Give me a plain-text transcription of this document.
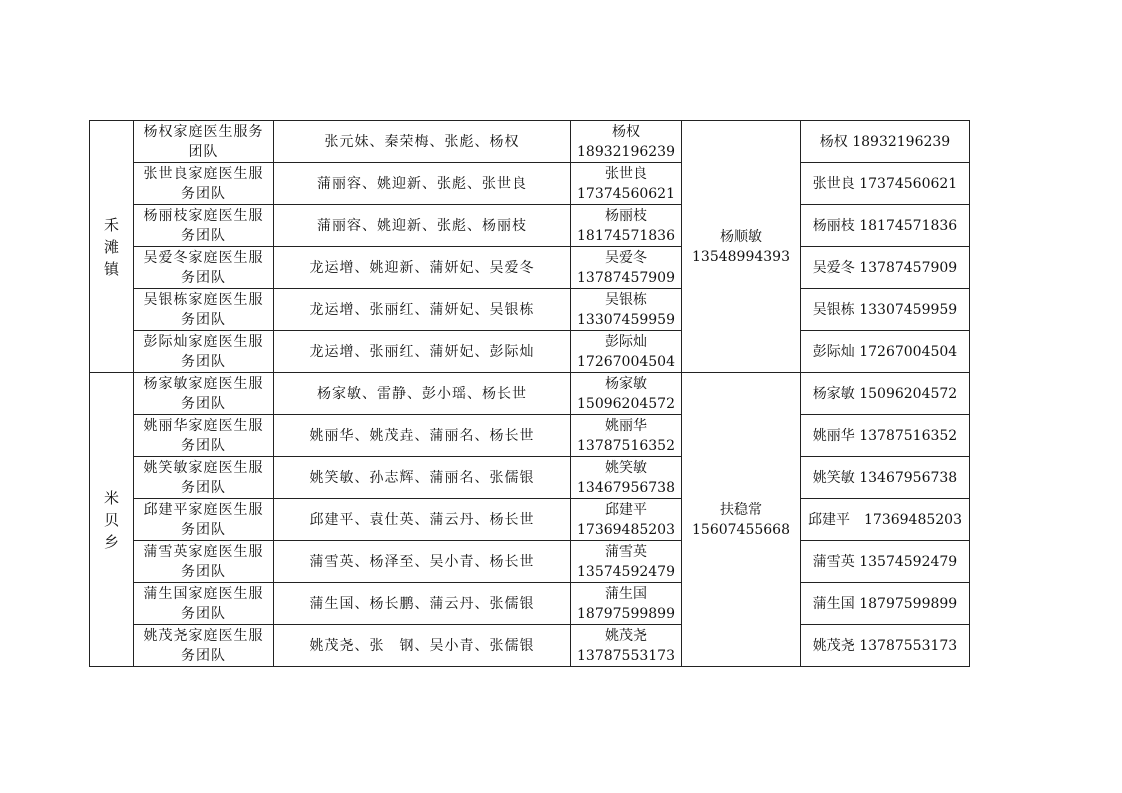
禾滩镇	杨权家庭医生服务团队	张元妹、秦荣梅、张彪、杨权	杨权
18932196239	杨顺敏
13548994393	杨权 18932196239
	张世良家庭医生服务团队	蒲丽容、姚迎新、张彪、张世良	张世良
17374560621		张世良 17374560621
	杨丽枝家庭医生服务团队	蒲丽容、姚迎新、张彪、杨丽枝	杨丽枝
18174571836		杨丽枝 18174571836
	吴爱冬家庭医生服务团队	龙运增、姚迎新、蒲妍妃、吴爱冬	吴爱冬
13787457909		吴爱冬 13787457909
	吴银栋家庭医生服务团队	龙运增、张丽红、蒲妍妃、吴银栋	吴银栋
13307459959		吴银栋 13307459959
	彭际灿家庭医生服务团队	龙运增、张丽红、蒲妍妃、彭际灿	彭际灿
17267004504		彭际灿 17267004504
米贝乡	杨家敏家庭医生服务团队	杨家敏、雷静、彭小瑶、杨长世	杨家敏
15096204572	扶稳常
15607455668	杨家敏 15096204572
	姚丽华家庭医生服务团队	姚丽华、姚茂垚、蒲丽名、杨长世	姚丽华
13787516352		姚丽华 13787516352
	姚笑敏家庭医生服务团队	姚笑敏、孙志辉、蒲丽名、张儒银	姚笑敏
13467956738		姚笑敏 13467956738
	邱建平家庭医生服务团队	邱建平、袁仕英、蒲云丹、杨长世	邱建平
17369485203		邱建平　17369485203
	蒲雪英家庭医生服务团队	蒲雪英、杨泽至、吴小青、杨长世	蒲雪英
13574592479		蒲雪英 13574592479
	蒲生国家庭医生服务团队	蒲生国、杨长鹏、蒲云丹、张儒银	蒲生国
18797599899		蒲生国 18797599899
	姚茂尧家庭医生服务团队	姚茂尧、张　钢、吴小青、张儒银	姚茂尧
13787553173		姚茂尧 13787553173
